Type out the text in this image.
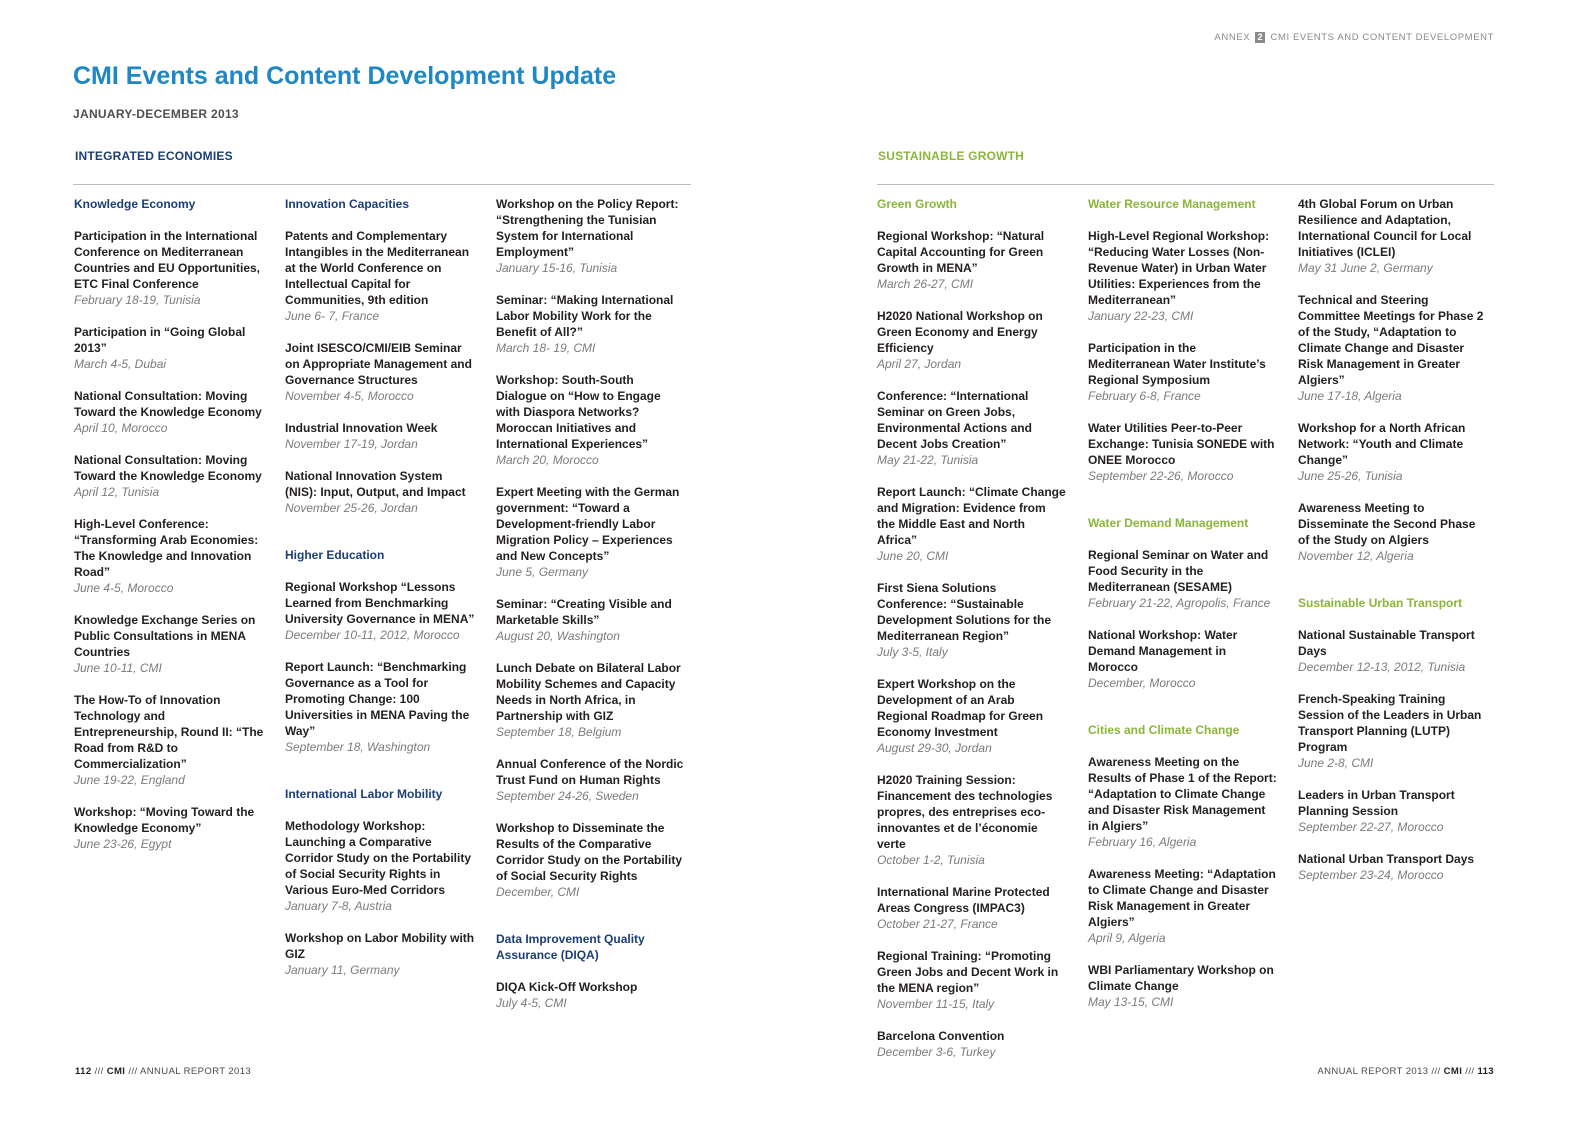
ANNEX 2 CMI EVENTS AND CONTENT DEVELOPMENT
CMI Events and Content Development Update
JANUARY-DECEMBER 2013
INTEGRATED ECONOMIES	SUSTAINABLE GROWTH
Knowledge Economy
Participation in the International Conference on Mediterranean Countries and EU Opportunities, ETC Final Conference
February 18-19, Tunisia
Participation in “Going Global 2013”
March 4-5, Dubai
National Consultation: Moving Toward the Knowledge Economy
April 10, Morocco
National Consultation: Moving Toward the Knowledge Economy
April 12, Tunisia
High-Level Conference: “Transforming Arab Economies: The Knowledge and Innovation Road”
June 4-5, Morocco
Knowledge Exchange Series on Public Consultations in MENA Countries
June 10-11, CMI
The How-To of Innovation Technology and Entrepreneurship, Round II: “The Road from R&D to Commercialization”
June 19-22, England
Workshop: “Moving Toward the Knowledge Economy”
June 23-26, Egypt
Innovation Capacities
Patents and Complementary Intangibles in the Mediterranean at the World Conference on Intellectual Capital for Communities, 9th edition
June 6- 7, France
Joint ISESCO/CMI/EIB Seminar on Appropriate Management and Governance Structures
November 4-5, Morocco
Industrial Innovation Week
November 17-19, Jordan
National Innovation System (NIS): Input, Output, and Impact
November 25-26, Jordan
Higher Education
Regional Workshop “Lessons Learned from Benchmarking University Governance in MENA”
December 10-11, 2012, Morocco
Report Launch: “Benchmarking Governance as a Tool for Promoting Change: 100 Universities in MENA Paving the Way”
September 18, Washington
International Labor Mobility
Methodology Workshop: Launching a Comparative Corridor Study on the Portability of Social Security Rights in Various Euro-Med Corridors
January 7-8, Austria
Workshop on Labor Mobility with GIZ
January 11, Germany
Workshop on the Policy Report: “Strengthening the Tunisian System for International Employment”
January 15-16, Tunisia
Seminar: “Making International Labor Mobility Work for the Benefit of All?”
March 18- 19, CMI
Workshop: South-South Dialogue on “How to Engage with Diaspora Networks? Moroccan Initiatives and International Experiences”
March 20, Morocco
Expert Meeting with the German government: “Toward a Development-friendly Labor Migration Policy – Experiences and New Concepts”
June 5, Germany
Seminar: “Creating Visible and Marketable Skills”
August 20, Washington
Lunch Debate on Bilateral Labor Mobility Schemes and Capacity Needs in North Africa, in Partnership with GIZ
September 18, Belgium
Annual Conference of the Nordic Trust Fund on Human Rights
September 24-26, Sweden
Workshop to Disseminate the Results of the Comparative Corridor Study on the Portability of Social Security Rights
December, CMI
Data Improvement Quality Assurance (DIQA)
DIQA Kick-Off Workshop
July 4-5, CMI
Green Growth
Regional Workshop: “Natural Capital Accounting for Green Growth in MENA”
March 26-27, CMI
H2020 National Workshop on Green Economy and Energy Efficiency
April 27, Jordan
Conference: “International Seminar on Green Jobs, Environmental Actions and Decent Jobs Creation”
May 21-22, Tunisia
Report Launch: “Climate Change and Migration: Evidence from the Middle East and North Africa”
June 20, CMI
First Siena Solutions Conference: “Sustainable Development Solutions for the Mediterranean Region”
July 3-5, Italy
Expert Workshop on the Development of an Arab Regional Roadmap for Green Economy Investment
August 29-30, Jordan
H2020 Training Session: Financement des technologies propres, des entreprises eco-innovantes et de l’économie verte
October 1-2, Tunisia
International Marine Protected Areas Congress (IMPAC3)
October 21-27, France
Regional Training: “Promoting Green Jobs and Decent Work in the MENA region”
November 11-15, Italy
Barcelona Convention
December 3-6, Turkey
Water Resource Management
High-Level Regional Workshop: “Reducing Water Losses (Non-Revenue Water) in Urban Water Utilities: Experiences from the Mediterranean”
January 22-23, CMI
Participation in the Mediterranean Water Institute’s Regional Symposium
February 6-8, France
Water Utilities Peer-to-Peer Exchange: Tunisia SONEDE with ONEE Morocco
September 22-26, Morocco
Water Demand Management
Regional Seminar on Water and Food Security in the Mediterranean (SESAME)
February 21-22, Agropolis, France
National Workshop: Water Demand Management in Morocco
December, Morocco
Cities and Climate Change
Awareness Meeting on the Results of Phase 1 of the Report: “Adaptation to Climate Change and Disaster Risk Management in Algiers”
February 16, Algeria
Awareness Meeting: “Adaptation to Climate Change and Disaster Risk Management in Greater Algiers”
April 9, Algeria
WBI Parliamentary Workshop on Climate Change
May 13-15, CMI
4th Global Forum on Urban Resilience and Adaptation, International Council for Local Initiatives (ICLEI)
May 31 June 2, Germany
Technical and Steering Committee Meetings for Phase 2 of the Study, “Adaptation to Climate Change and Disaster Risk Management in Greater Algiers”
June 17-18, Algeria
Workshop for a North African Network: “Youth and Climate Change”
June 25-26, Tunisia
Awareness Meeting to Disseminate the Second Phase of the Study on Algiers
November 12, Algeria
Sustainable Urban Transport
National Sustainable Transport Days
December 12-13, 2012, Tunisia
French-Speaking Training Session of the Leaders in Urban Transport Planning (LUTP) Program
June 2-8, CMI
Leaders in Urban Transport Planning Session
September 22-27, Morocco
National Urban Transport Days
September 23-24, Morocco
112 /// CMI /// ANNUAL REPORT 2013	ANNUAL REPORT 2013 /// CMI /// 113
